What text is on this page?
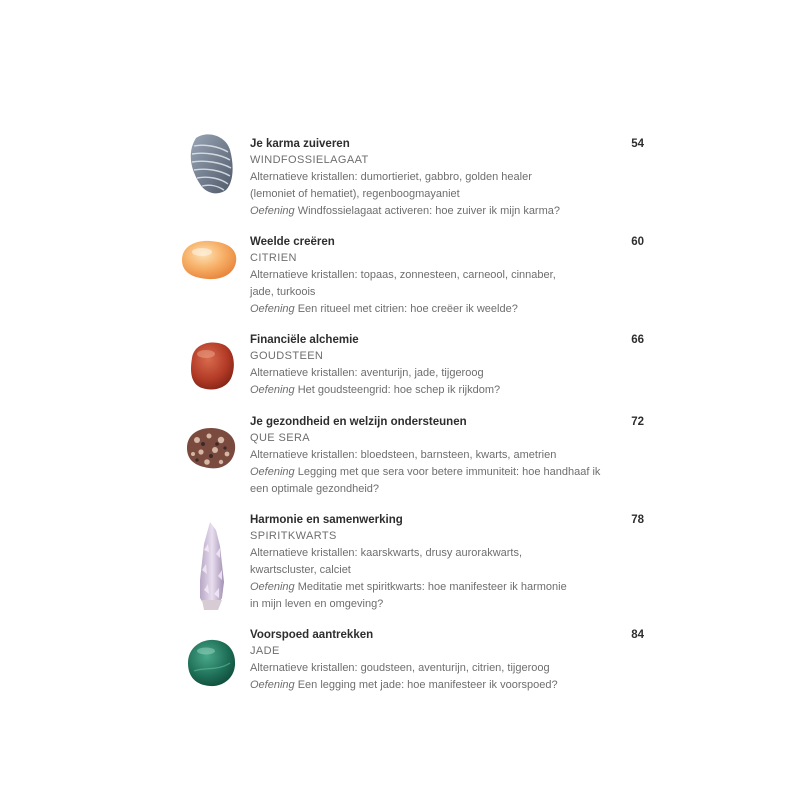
Je karma zuiveren	54
WINDFOSSIELAGAAT
Alternatieve kristallen: dumortieriet, gabbro, golden healer
(lemoniet of hematiet), regenboogmayaniet
Oefening Windfossielagaat activeren: hoe zuiver ik mijn karma?
Weelde creëren	60
CITRIEN
Alternatieve kristallen: topaas, zonnesteen, carneool, cinnaber,
jade, turkoois
Oefening Een ritueel met citrien: hoe creëer ik weelde?
Financiële alchemie	66
GOUDSTEEN
Alternatieve kristallen: aventurijn, jade, tijgeroog
Oefening Het goudsteengrid: hoe schep ik rijkdom?
Je gezondheid en welzijn ondersteunen	72
QUE SERA
Alternatieve kristallen: bloedsteen, barnsteen, kwarts, ametrien
Oefening Legging met que sera voor betere immuniteit: hoe handhaaf ik
een optimale gezondheid?
Harmonie en samenwerking	78
SPIRITKWARTS
Alternatieve kristallen: kaarskwarts, drusy aurorakwarts,
kwartscluster, calciet
Oefening Meditatie met spiritkwarts: hoe manifesteer ik harmonie
in mijn leven en omgeving?
Voorspoed aantrekken	84
JADE
Alternatieve kristallen: goudsteen, aventurijn, citrien, tijgeroog
Oefening Een legging met jade: hoe manifesteer ik voorspoed?
